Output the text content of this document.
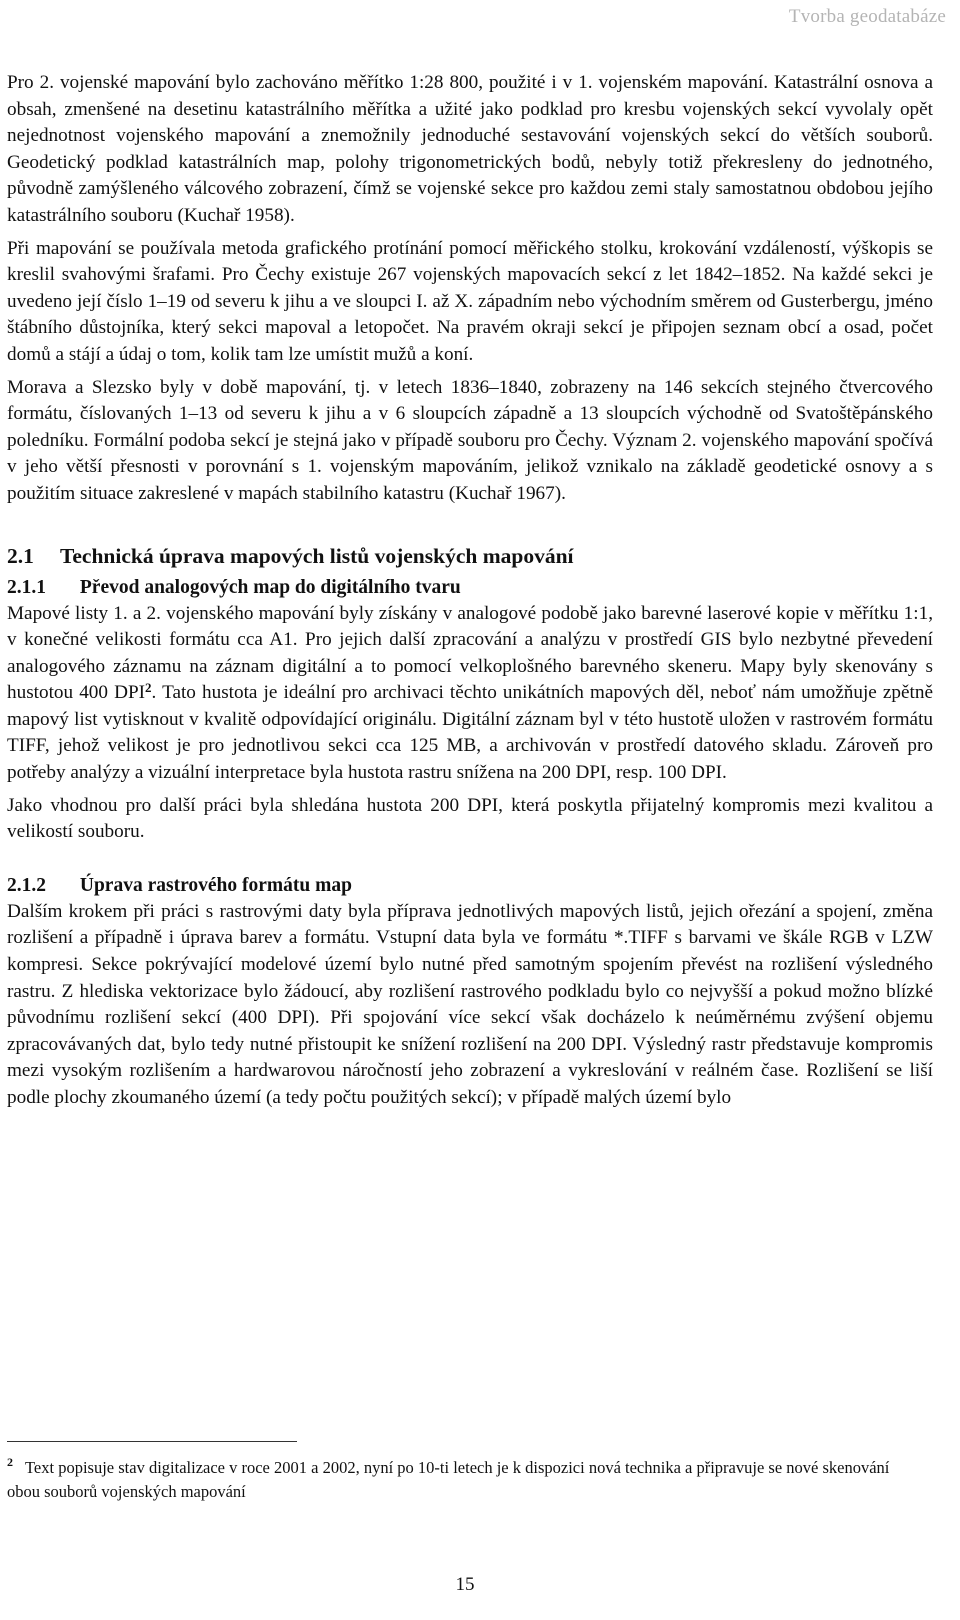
Tvorba geodatabáze

Pro 2. vojenské mapování bylo zachováno měřítko 1:28 800, použité i v 1. vojenském mapování. Katastrální osnova a obsah, zmenšené na desetinu katastrálního měřítka a užité jako podklad pro kresbu vojenských sekcí vyvolaly opět nejednotnost vojenského mapování a znemožnily jednoduché sestavování vojenských sekcí do větších souborů. Geodetický podklad katastrálních map, polohy trigonometrických bodů, nebyly totiž překresleny do jednotného, původně zamýšleného válcového zobrazení, čímž se vojenské sekce pro každou zemi staly samostatnou obdobou jejího katastrálního souboru (Kuchař 1958).

Při mapování se používala metoda grafického protínání pomocí měřického stolku, krokování vzdáleností, výškopis se kreslil svahovými šrafami. Pro Čechy existuje 267 vojenských mapovacích sekcí z let 1842–1852. Na každé sekci je uvedeno její číslo 1–19 od severu k jihu a ve sloupci I. až X. západním nebo východním směrem od Gusterbergu, jméno štábního důstojníka, který sekci mapoval a letopočet. Na pravém okraji sekcí je připojen seznam obcí a osad, počet domů a stájí a údaj o tom, kolik tam lze umístit mužů a koní.

Morava a Slezsko byly v době mapování, tj. v letech 1836–1840, zobrazeny na 146 sekcích stejného čtvercového formátu, číslovaných 1–13 od severu k jihu a v 6 sloupcích západně a 13 sloupcích východně od Svatoštěpánského poledníku. Formální podoba sekcí je stejná jako v případě souboru pro Čechy. Význam 2. vojenského mapování spočívá v jeho větší přesnosti v porovnání s 1. vojenským mapováním, jelikož vznikalo na základě geodetické osnovy a s použitím situace zakreslené v mapách stabilního katastru (Kuchař 1967).

2.1 Technická úprava mapových listů vojenských mapování
2.1.1 Převod analogových map do digitálního tvaru

Mapové listy 1. a 2. vojenského mapování byly získány v analogové podobě jako barevné laserové kopie v měřítku 1:1, v konečné velikosti formátu cca A1. Pro jejich další zpracování a analýzu v prostředí GIS bylo nezbytné převedení analogového záznamu na záznam digitální a to pomocí velkoplošného barevného skeneru. Mapy byly skenovány s hustotou 400 DPI$^2$. Tato hustota je ideální pro archivaci těchto unikátních mapových děl, neboť nám umožňuje zpětně mapový list vytisknout v kvalitě odpovídající originálu. Digitální záznam byl v této hustotě uložen v rastrovém formátu TIFF, jehož velikost je pro jednotlivou sekci cca 125 MB, a archivován v prostředí datového skladu. Zároveň pro potřeby analýzy a vizuální interpretace byla hustota rastru snížena na 200 DPI, resp. 100 DPI.

Jako vhodnou pro další práci byla shledána hustota 200 DPI, která poskytla přijatelný kompromis mezi kvalitou a velikostí souboru.

2.1.2 Úprava rastrového formátu map

Dalším krokem při práci s rastrovými daty byla příprava jednotlivých mapových listů, jejich ořezání a spojení, změna rozlišení a případně i úprava barev a formátu. Vstupní data byla ve formátu *.TIFF s barvami ve škále RGB v LZW kompresi. Sekce pokrývající modelové území bylo nutné před samotným spojením převést na rozlišení výsledného rastru. Z hlediska vektorizace bylo žádoucí, aby rozlišení rastrového podkladu bylo co nejvyšší a pokud možno blízké původnímu rozlišení sekcí (400 DPI). Při spojování více sekcí však docházelo k neúměrnému zvýšení objemu zpracovávaných dat, bylo tedy nutné přistoupit ke snížení rozlišení na 200 DPI. Výsledný rastr představuje kompromis mezi vysokým rozlišením a hardwarovou náročností jeho zobrazení a vykreslování v reálném čase. Rozlišení se liší podle plochy zkoumaného území (a tedy počtu použitých sekcí); v případě malých území bylo

2 Text popisuje stav digitalizace v roce 2001 a 2002, nyní po 10-ti letech je k dispozici nová technika a připravuje se nové skenování obou souborů vojenských mapování
15
